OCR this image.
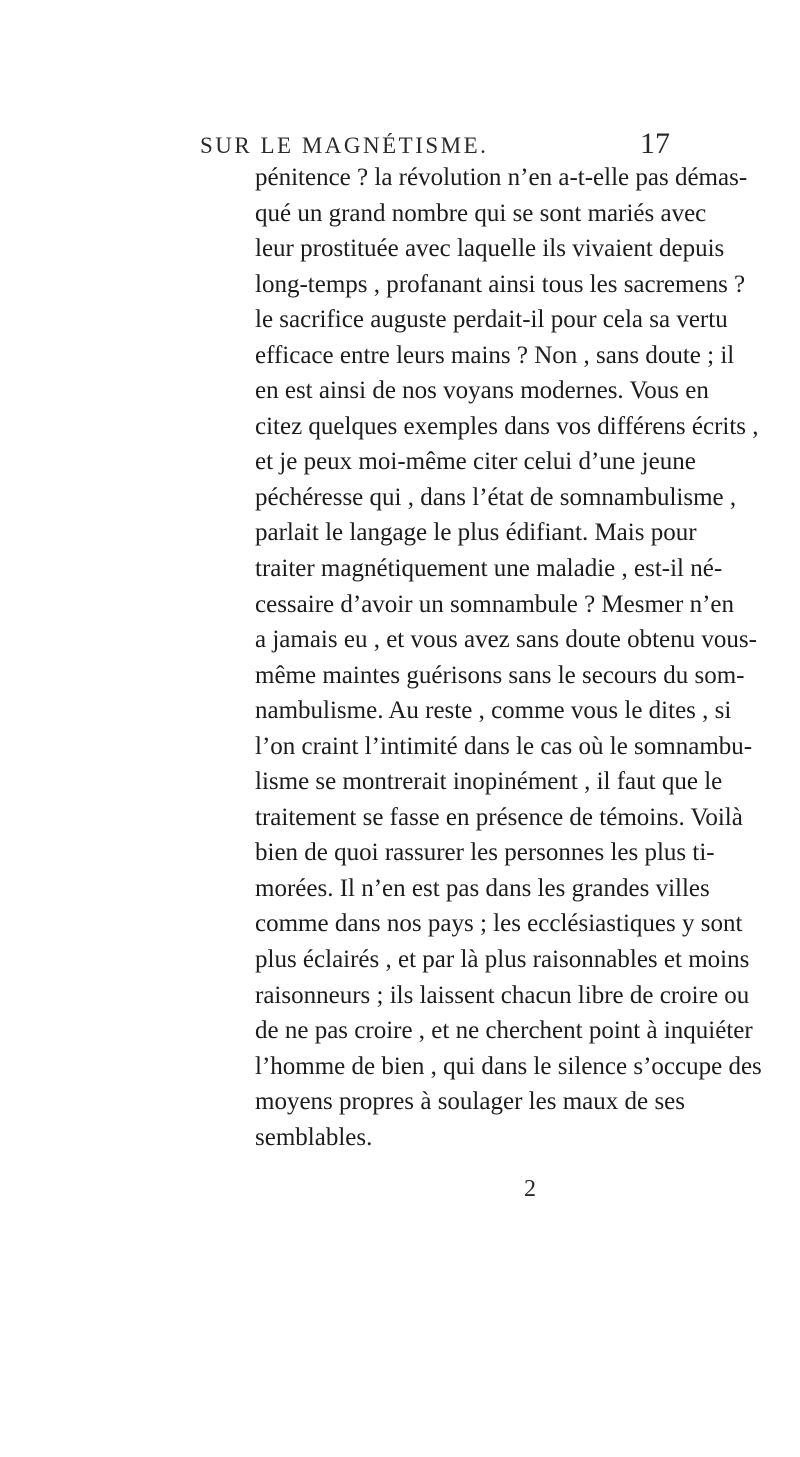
SUR LE MAGNÉTISME.	17
pénitence ? la révolution n’en a-t-elle pas démas-
qué un grand nombre qui se sont mariés avec
leur prostituée avec laquelle ils vivaient depuis
long-temps , profanant ainsi tous les sacremens ?
le sacrifice auguste perdait-il pour cela sa vertu
efficace entre leurs mains ? Non , sans doute ; il
en est ainsi de nos voyans modernes. Vous en
citez quelques exemples dans vos différens écrits ,
et je peux moi-même citer celui d’une jeune
péchéresse qui , dans l’état de somnambulisme ,
parlait le langage le plus édifiant. Mais pour
traiter magnétiquement une maladie , est-il né-
cessaire d’avoir un somnambule ? Mesmer n’en
a jamais eu , et vous avez sans doute obtenu vous-
même maintes guérisons sans le secours du som-
nambulisme. Au reste , comme vous le dites , si
l’on craint l’intimité dans le cas où le somnambu-
lisme se montrerait inopinément , il faut que le
traitement se fasse en présence de témoins. Voilà
bien de quoi rassurer les personnes les plus ti-
morées. Il n’en est pas dans les grandes villes
comme dans nos pays ; les ecclésiastiques y sont
plus éclairés , et par là plus raisonnables et moins
raisonneurs ; ils laissent chacun libre de croire ou
de ne pas croire , et ne cherchent point à inquiéter
l’homme de bien , qui dans le silence s’occupe des
moyens propres à soulager les maux de ses
semblables.
2
